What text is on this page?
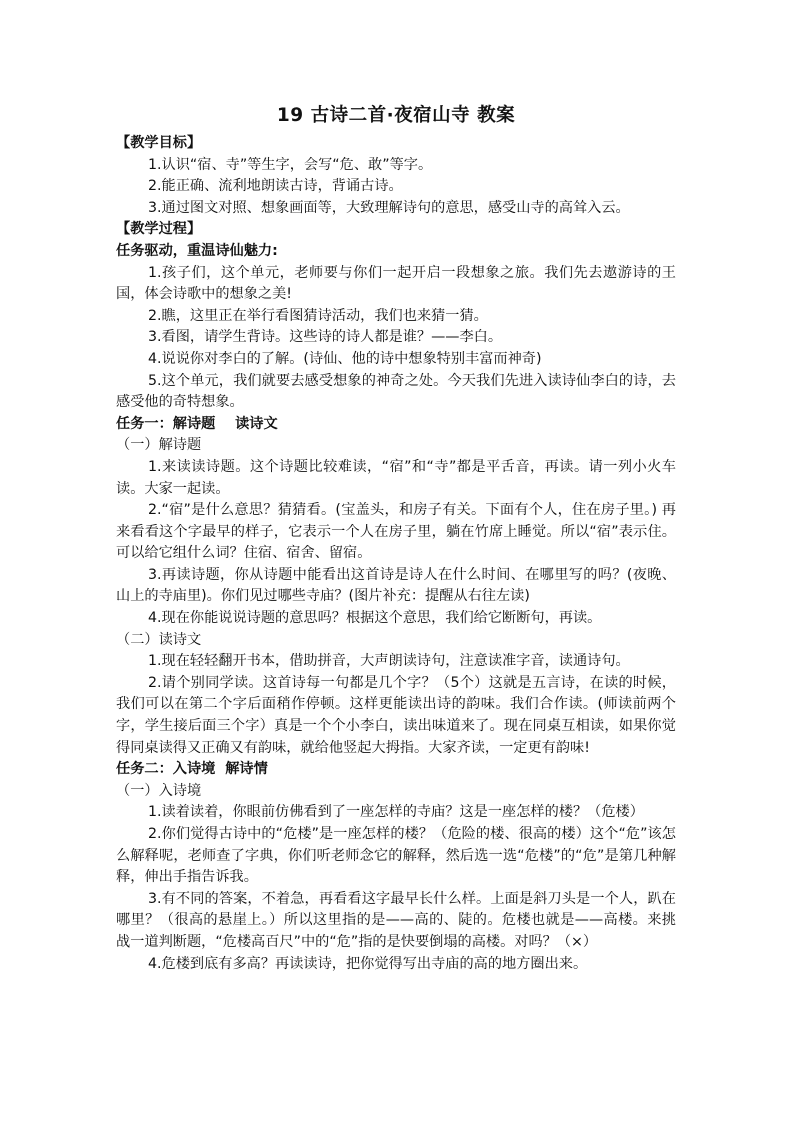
19 古诗二首·夜宿山寺 教案
【教学目标】
1.认识“宿、寺”等生字，会写“危、敢”等字。
2.能正确、流利地朗读古诗，背诵古诗。
3.通过图文对照、想象画面等，大致理解诗句的意思，感受山寺的高耸入云。
【教学过程】
任务驱动，重温诗仙魅力:

1.孩子们，这个单元，老师要与你们一起开启一段想象之旅。我们先去遨游诗的王国，体会诗歌中的想象之美!

2.瞧，这里正在举行看图猜诗活动，我们也来猜一猜。

3.看图，请学生背诗。这些诗的诗人都是谁？——李白。

4.说说你对李白的了解。(诗仙、他的诗中想象特别丰富而神奇)

5.这个单元，我们就要去感受想象的神奇之处。今天我们先进入读诗仙李白的诗，去感受他的奇特想象。

任务一：解诗题    读诗文
（一）解诗题

1.来读读诗题。这个诗题比较难读，“宿”和“寺”都是平舌音，再读。请一列小火车读。大家一起读。

2.“宿”是什么意思？猜猜看。(宝盖头，和房子有关。下面有个人，住在房子里。) 再来看看这个字最早的样子，它表示一个人在房子里，躺在竹席上睡觉。所以“宿”表示住。可以给它组什么词？住宿、宿舍、留宿。

3.再读诗题，你从诗题中能看出这首诗是诗人在什么时间、在哪里写的吗？(夜晚、山上的寺庙里)。你们见过哪些寺庙？(图片补充：提醒从右往左读)

4.现在你能说说诗题的意思吗？根据这个意思，我们给它断断句，再读。

（二）读诗文

1.现在轻轻翻开书本，借助拼音，大声朗读诗句，注意读准字音，读通诗句。

2.请个别同学读。这首诗每一句都是几个字？（5个）这就是五言诗，在读的时候，我们可以在第二个字后面稍作停顿。这样更能读出诗的韵味。我们合作读。(师读前两个字，学生接后面三个字）真是一个个小李白，读出味道来了。现在同桌互相读，如果你觉得同桌读得又正确又有韵味，就给他竖起大拇指。大家齐读，一定更有韵味!

任务二：入诗境  解诗情
（一）入诗境

1.读着读着，你眼前仿佛看到了一座怎样的寺庙？这是一座怎样的楼？（危楼）

2.你们觉得古诗中的“危楼”是一座怎样的楼？（危险的楼、很高的楼）这个“危”该怎么解释呢，老师查了字典，你们听老师念它的解释，然后选一选“危楼”的“危”是第几种解释，伸出手指告诉我。

3.有不同的答案，不着急，再看看这字最早长什么样。上面是斜刀头是一个人，趴在哪里？（很高的悬崖上。）所以这里指的是——高的、陡的。危楼也就是——高楼。来挑战一道判断题，“危楼高百尺”中的“危”指的是快要倒塌的高楼。对吗？（×）

4.危楼到底有多高？再读读诗，把你觉得写出寺庙的高的地方圈出来。
